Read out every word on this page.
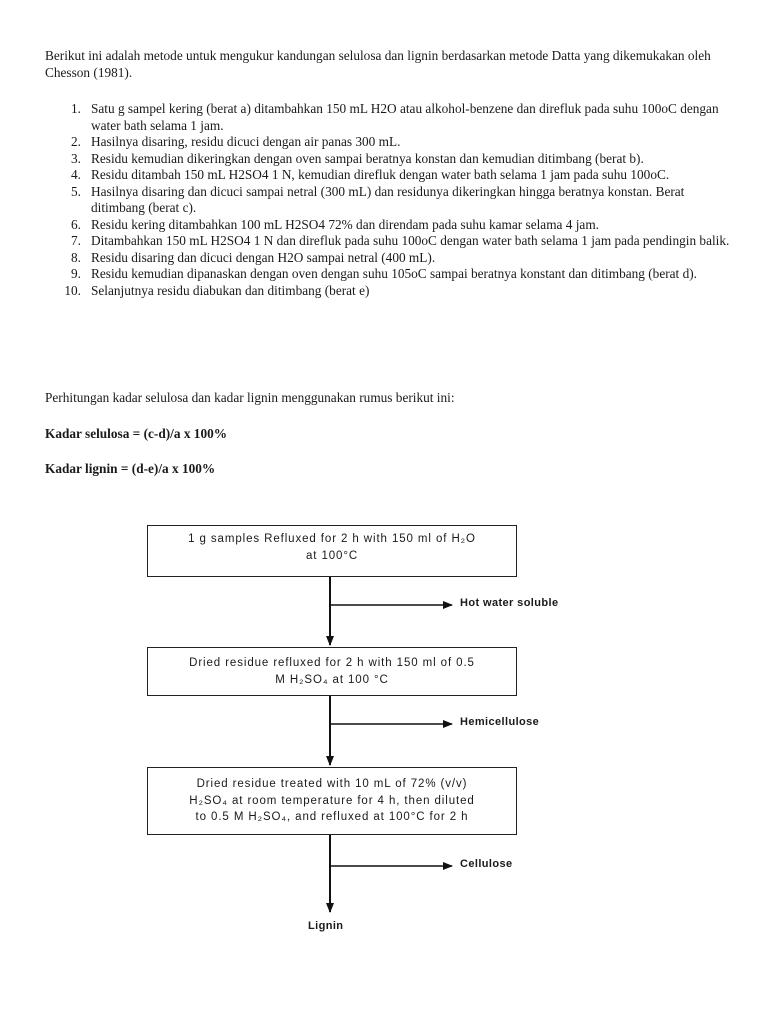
Berikut ini adalah metode untuk mengukur kandungan selulosa dan lignin berdasarkan metode Datta yang dikemukakan oleh Chesson (1981).
1. Satu g sampel kering (berat a) ditambahkan 150 mL H2O atau alkohol-benzene dan direfluk pada suhu 100oC dengan water bath selama 1 jam.
2. Hasilnya disaring, residu dicuci dengan air panas 300 mL.
3. Residu kemudian dikeringkan dengan oven sampai beratnya konstan dan kemudian ditimbang (berat b).
4. Residu ditambah 150 mL H2SO4 1 N, kemudian direfluk dengan water bath selama 1 jam pada suhu 100oC.
5. Hasilnya disaring dan dicuci sampai netral (300 mL) dan residunya dikeringkan hingga beratnya konstan. Berat ditimbang (berat c).
6. Residu kering ditambahkan 100 mL H2SO4 72% dan direndam pada suhu kamar selama 4 jam.
7. Ditambahkan 150 mL H2SO4 1 N dan direfluk pada suhu 100oC dengan water bath selama 1 jam pada pendingin balik.
8. Residu disaring dan dicuci dengan H2O sampai netral (400 mL).
9. Residu kemudian dipanaskan dengan oven dengan suhu 105oC sampai beratnya konstant dan ditimbang (berat d).
10. Selanjutnya residu diabukan dan ditimbang (berat e)
Perhitungan kadar selulosa dan kadar lignin menggunakan rumus berikut ini:
Kadar selulosa = (c-d)/a x 100%
Kadar lignin = (d-e)/a x 100%
1 g samples Refluxed for 2 h with 150 ml of H₂O
at 100°C
Dried residue refluxed for 2 h with 150 ml of 0.5
M H₂SO₄ at 100 °C
Dried residue treated with 10 mL of 72% (v/v)
H₂SO₄ at room temperature for 4 h, then diluted
to 0.5 M H₂SO₄, and refluxed at 100°C for 2 h
Hot water soluble
Hemicellulose
Cellulose
Lignin
